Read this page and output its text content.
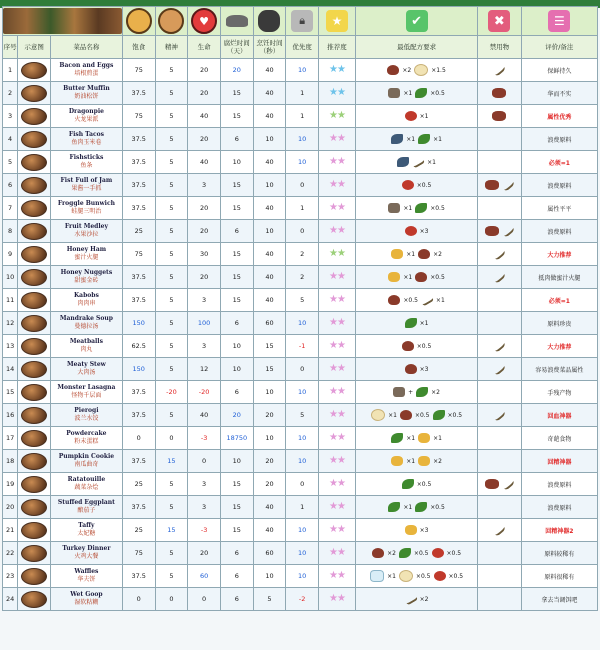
♥			🔒︎	★	✔	✖	☰

序号	示意图	菜品名称	饱食	精神	生命	腐烂时间（天）	烹饪时间（秒）	优先度	推荐度	最低配方要求	禁用物	评价/备注
1		Bacon and Eggs
培根煎蛋	75	5	20	20	40	10	★★	×2 ×1.5		保鲜持久
2		Butter Muffin
奶油松饼	37.5	5	20	15	40	1	★★	×1 ×0.5		华而不实
3		Dragonpie
火龙果派	75	5	40	15	40	1	★★	×1		属性优秀
4		Fish Tacos
鱼肉玉米卷	37.5	5	20	6	10	10	★★	×1 ×1		浪费原料
5		Fishsticks
鱼条	37.5	5	40	10	40	10	★★	×1		必须=1
6		Fist Full of Jam
果酱一手抓	37.5	5	3	15	10	0	★★	×0.5		浪费原料
7		Froggle Bunwich
蛙腿三明治	37.5	5	20	15	40	1	★★	×1 ×0.5		属性平平
8		Fruit Medley
水果沙拉	25	5	20	6	10	0	★★	×3		浪费原料
9		Honey Ham
蜜汁火腿	75	5	30	15	40	2	★★	×1 ×2		大力推荐
10		Honey Nuggets
甜蜜金砖	37.5	5	20	15	40	2	★★	×1 ×0.5		抵肉做蜜汁火腿
11		Kabobs
肉肉串	37.5	5	3	15	40	5	★★	×0.5 ×1		必须=1
12		Mandrake Soup
曼德拉汤	150	5	100	6	60	10	★★	×1		原料珍贵
13		Meatballs
肉丸	62.5	5	3	10	15	-1	★★	×0.5		大力推荐
14		Meaty Stew
大肉汤	150	5	12	10	15	0	★★	×3		容易浪费菜品属性
15		Monster Lasagna
怪物千层面	37.5	-20	-20	6	10	10	★★	+ ×2		手残产物
16		Pierogi
波兰水饺	37.5	5	40	20	20	5	★★	×1 ×0.5 ×0.5		回血神器
17		Powdercake
粉末蛋糕	0	0	-3	18750	10	10	★★	×1 ×1		奇葩食物
18		Pumpkin Cookie
南瓜曲奇	37.5	15	0	10	20	10	★★	×1 ×2		回精神器
19		Ratatouille
蔬菜杂烩	25	5	3	15	20	0	★★	×0.5		浪费原料
20		Stuffed Eggplant
酿茄子	37.5	5	3	15	40	1	★★	×1 ×0.5		浪费原料
21		Taffy
太妃糖	25	15	-3	15	40	10	★★	×3		回精神器2
22		Turkey Dinner
火鸡大餐	75	5	20	6	60	10	★★	×2 ×0.5 ×0.5		原料较稀有
23		Waffles
华夫饼	37.5	5	60	6	10	10	★★	×1 ×0.5 ×0.5		原料很稀有
24		Wet Goop
湿软粘糊	0	0	0	6	5	-2	★★	×2		拿去当调饵吧
